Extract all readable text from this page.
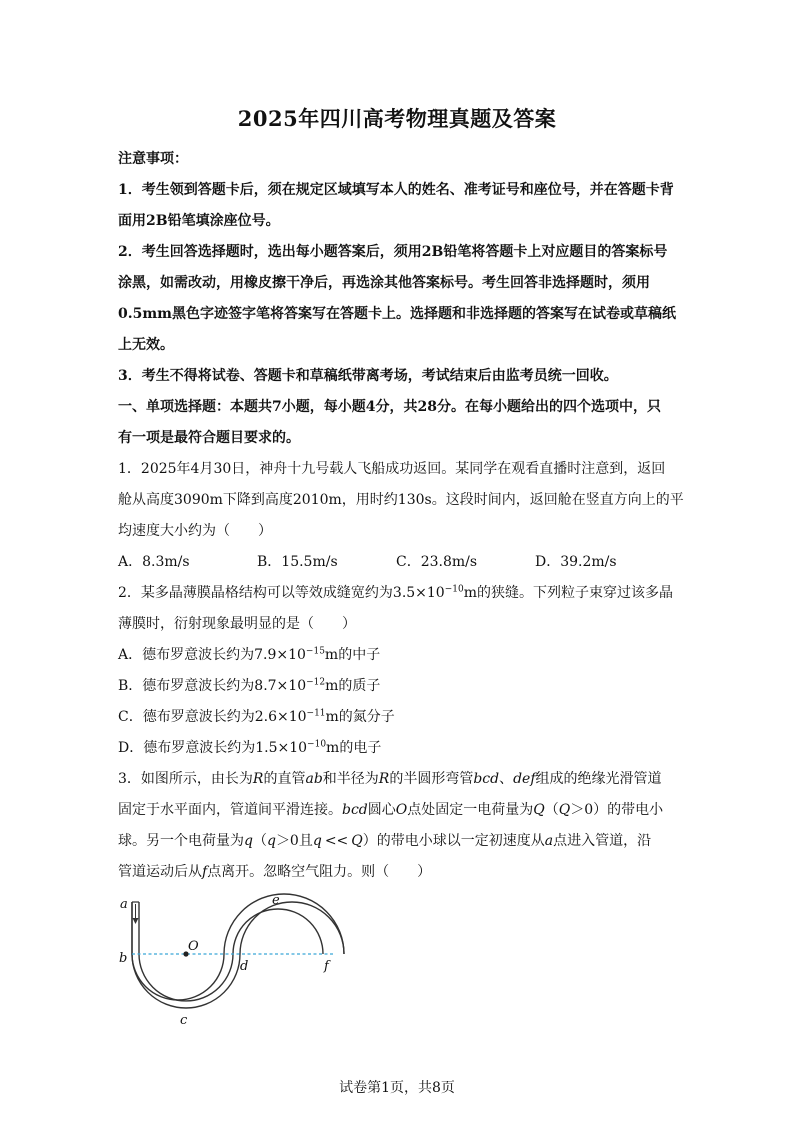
2025年四川高考物理真题及答案
注意事项：
1．考生领到答题卡后，须在规定区域填写本人的姓名、准考证号和座位号，并在答题卡背
面用2B铅笔填涂座位号。
2．考生回答选择题时，选出每小题答案后，须用2B铅笔将答题卡上对应题目的答案标号
涂黑，如需改动，用橡皮擦干净后，再选涂其他答案标号。考生回答非选择题时，须用
0.5mm黑色字迹签字笔将答案写在答题卡上。选择题和非选择题的答案写在试卷或草稿纸
上无效。
3．考生不得将试卷、答题卡和草稿纸带离考场，考试结束后由监考员统一回收。
一、单项选择题：本题共7小题，每小题4分，共28分。在每小题给出的四个选项中，只
有一项是最符合题目要求的。
1．2025年4月30日，神舟十九号载人飞船成功返回。某同学在观看直播时注意到，返回
舱从高度3090m下降到高度2010m，用时约130s。这段时间内，返回舱在竖直方向上的平
均速度大小约为（　　）
A．8.3m/s	B．15.5m/s	C．23.8m/s	D．39.2m/s
2．某多晶薄膜晶格结构可以等效成缝宽约为$3.5\times 10^{-10}m$的狭缝。下列粒子束穿过该多晶
薄膜时，衍射现象最明显的是（　　）
A．德布罗意波长约为$7.9\times 10^{-15}m$的中子
B．德布罗意波长约为$8.7\times 10^{-12}m$的质子
C．德布罗意波长约为$2.6\times 10^{-11}m$的氮分子
D．德布罗意波长约为$1.5\times 10^{-10}m$的电子
3．如图所示，由长为R的直管ab和半径为R的半圆形弯管bcd、def组成的绝缘光滑管道
固定于水平面内，管道间平滑连接。bcd圆心O点处固定一电荷量为Q（Q＞0）的带电小
球。另一个电荷量为q（q＞0且q << Q）的带电小球以一定初速度从a点进入管道，沿
管道运动后从f点离开。忽略空气阻力。则（　　）
a
b
O
c
d
e
f
试卷第1页，共8页
